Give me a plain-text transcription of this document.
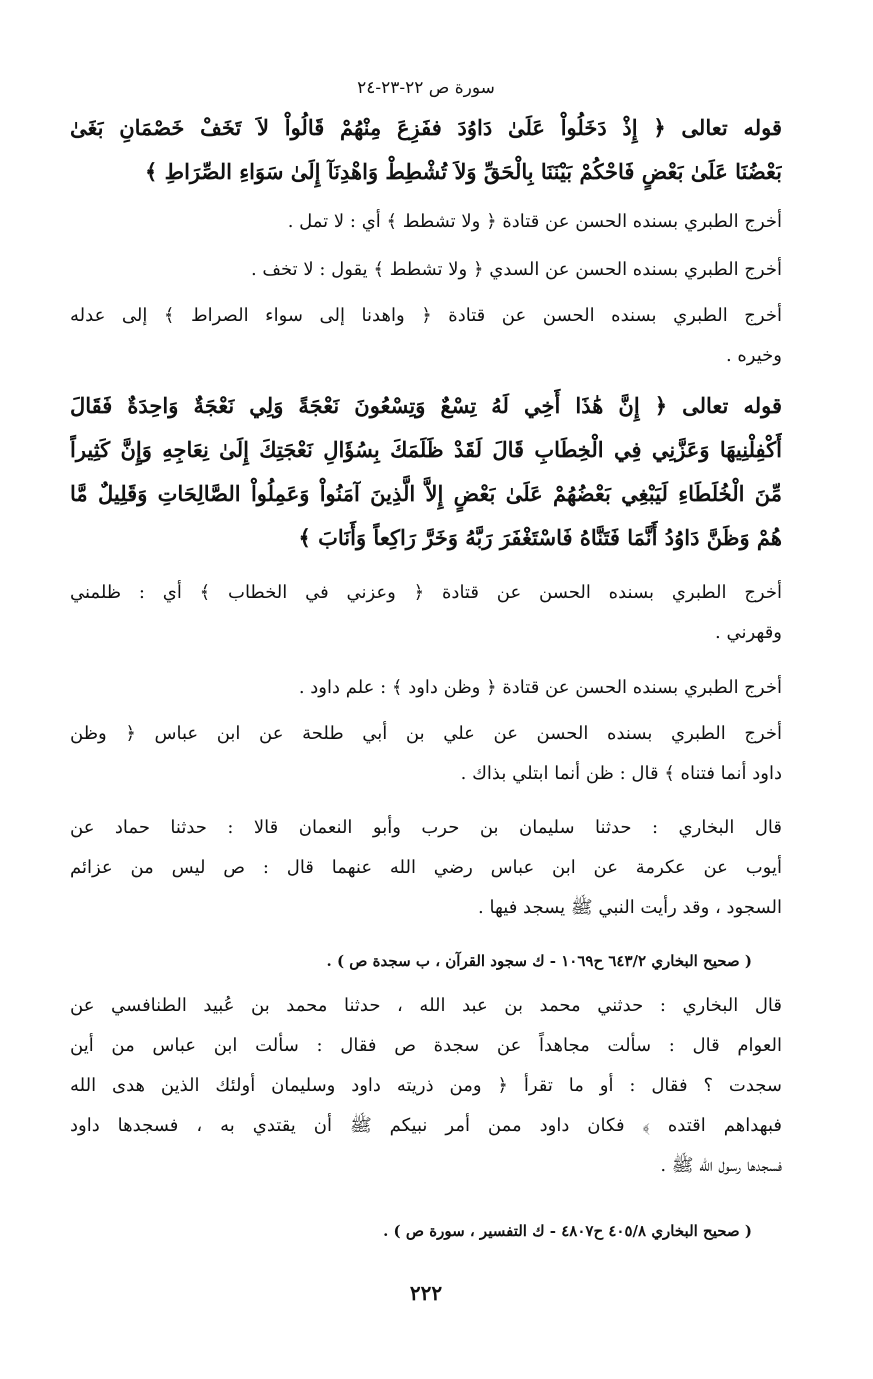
سورة ص ٢٢-٢٣-٢٤
قوله تعالى ﴿ إِذْ دَخَلُواْ عَلَىٰ دَاوُدَ ففَزِعَ مِنْهُمْ قَالُواْ لاَ تَخَفْ خَصْمَانِ بَغَىٰ
بَعْضُنَا عَلَىٰ بَعْضٍ فَاحْكُمْ بَيْنَنَا بِالْحَقِّ وَلاَ تُشْطِطْ وَاهْدِنَآ إِلَىٰ سَوَاءِ الصِّرَاطِ ﴾
أخرج الطبري بسنده الحسن عن قتادة ﴿ ولا تشطط ﴾ أي : لا تمل .
أخرج الطبري بسنده الحسن عن السدي ﴿ ولا تشطط ﴾ يقول : لا تخف .
أخرج الطبري بسنده الحسن عن قتادة ﴿ واهدنا إلى سواء الصراط ﴾ إلى عدله
وخيره .
قوله تعالى ﴿ إِنَّ هَٰذَا أَخِي لَهُ تِسْعٌ وَتِسْعُونَ نَعْجَةً وَلِي نَعْجَةٌ وَاحِدَةٌ فَقَالَ
أَكْفِلْنِيهَا وَعَزَّنِي فِي الْخِطَابِ قَالَ لَقَدْ ظَلَمَكَ بِسُؤَالِ نَعْجَتِكَ إِلَىٰ نِعَاجِهِ وَإِنَّ كَثِيراً
مِّنَ الْخُلَطَاءِ لَيَبْغِي بَعْضُهُمْ عَلَىٰ بَعْضٍ إِلاَّ الَّذِينَ آمَنُواْ وَعَمِلُواْ الصَّالِحَاتِ وَقَلِيلٌ مَّا
هُمْ وَظَنَّ دَاوُدُ أَنَّمَا فَتَنَّاهُ فَاسْتَغْفَرَ رَبَّهُ وَخَرَّ رَاكِعاً وَأَنَابَ ﴾
أخرج الطبري بسنده الحسن عن قتادة ﴿ وعزني في الخطاب ﴾ أي : ظلمني
وقهرني .
أخرج الطبري بسنده الحسن عن قتادة ﴿ وظن داود ﴾ : علم داود .
أخرج الطبري بسنده الحسن عن علي بن أبي طلحة عن ابن عباس ﴿ وظن
داود أنما فتناه ﴾ قال : ظن أنما ابتلي بذاك .
قال البخاري : حدثنا سليمان بن حرب وأبو النعمان قالا : حدثنا حماد عن
أيوب عن عكرمة عن ابن عباس رضي الله عنهما قال : ص ليس من عزائم
السجود ، وقد رأيت النبي ﷺ يسجد فيها .
( صحيح البخاري ٦٤٣/٢ ح١٠٦٩ - ك سجود القرآن ، ب سجدة ص ) .
قال البخاري : حدثني محمد بن عبد الله ، حدثنا محمد بن عُبيد الطنافسي عن
العوام قال : سألت مجاهداً عن سجدة ص فقال : سألت ابن عباس من أين
سجدت ؟ فقال : أو ما تقرأ ﴿ ومن ذريته داود وسليمان أولئك الذين هدى الله
فبهداهم اقتده ﴾ فكان داود ممن أمر نبيكم ﷺ أن يقتدي به ، فسجدها داود
فسجدها رسول الله ﷺ .
( صحيح البخاري ٤٠٥/٨ ح٤٨٠٧ - ك التفسير ، سورة ص ) .
٢٢٢
